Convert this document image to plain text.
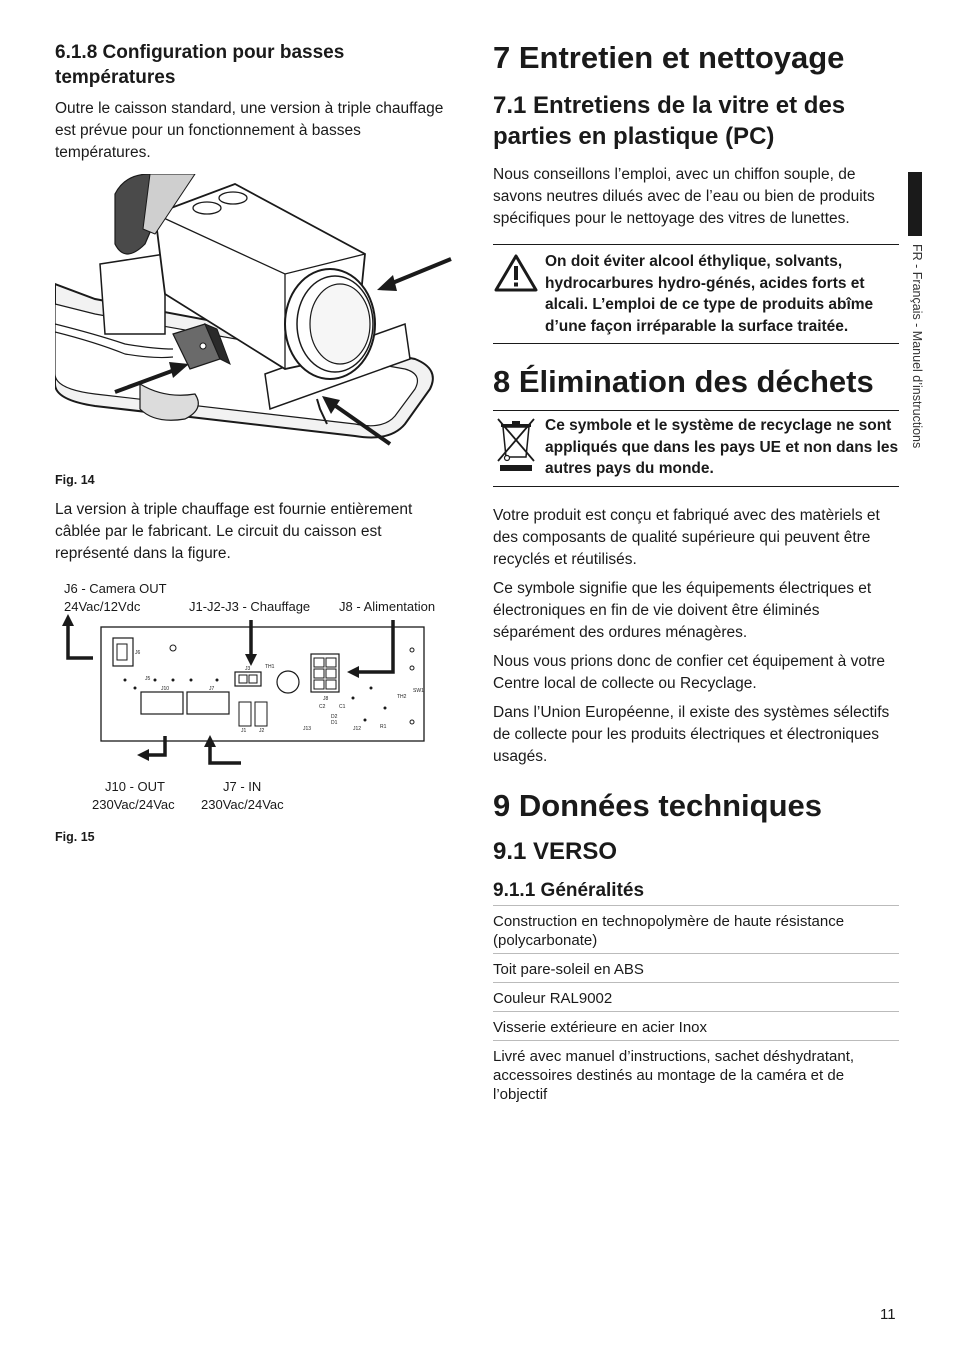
6.1.8 Configuration pour basses températures

Outre le caisson standard, une version à triple chauffage est prévue pour un fonctionnement à basses températures.

Fig. 14

La version à triple chauffage est fournie entièrement câblée par le fabricant. Le circuit du caisson est représenté dans la figure.

J6 - Camera OUT
24Vac/12Vdc	J1-J2-J3 - Chauffage J8 - Alimentation
J10 - OUT
230Vac/24Vac
J7 - IN
230Vac/24Vac
J6
J5
J10	J7
J1	J2
J3	TH1
J8
C2	C1
J13	J12	R1
TH2
SW1
D2
D1
Fig. 15
7 Entretien et nettoyage
7.1 Entretiens de la vitre et des parties en plastique (PC)

Nous conseillons l’emploi, avec un chiffon souple, de savons neutres dilués avec de l’eau ou bien de produits spécifiques pour le nettoyage des vitres de lunettes.

On doit éviter alcool éthylique, solvants, hydrocarbures hydro-génés, acides forts et alcali. L’emploi de ce type de produits abîme d’une façon irréparable la surface traitée.
8 Élimination des déchets
Ce symbole et le système de recyclage ne sont appliqués que dans les pays UE et non dans les autres pays du monde.

Votre produit est conçu et fabriqué avec des matèriels et des composants de qualité supérieure qui peuvent être recyclés et réutilisés.

Ce symbole signifie que les équipements électriques et électroniques en fin de vie doivent être éliminés séparément des ordures ménagères.

Nous vous prions donc de confier cet équipement à votre Centre local de collecte ou Recyclage.

Dans l’Union Européenne, il existe des systèmes sélectifs de collecte pour les produits électriques et électroniques usagés.

9 Données techniques
9.1 VERSO
9.1.1 Généralités
Construction en technopolymère de haute résistance (polycarbonate)
Toit pare-soleil en ABS
Couleur RAL9002
Visserie extérieure en acier Inox
Livré avec manuel d’instructions, sachet déshydratant, accessoires destinés au montage de la caméra et de l’objectif
FR - Français - Manuel d’instructions
11
